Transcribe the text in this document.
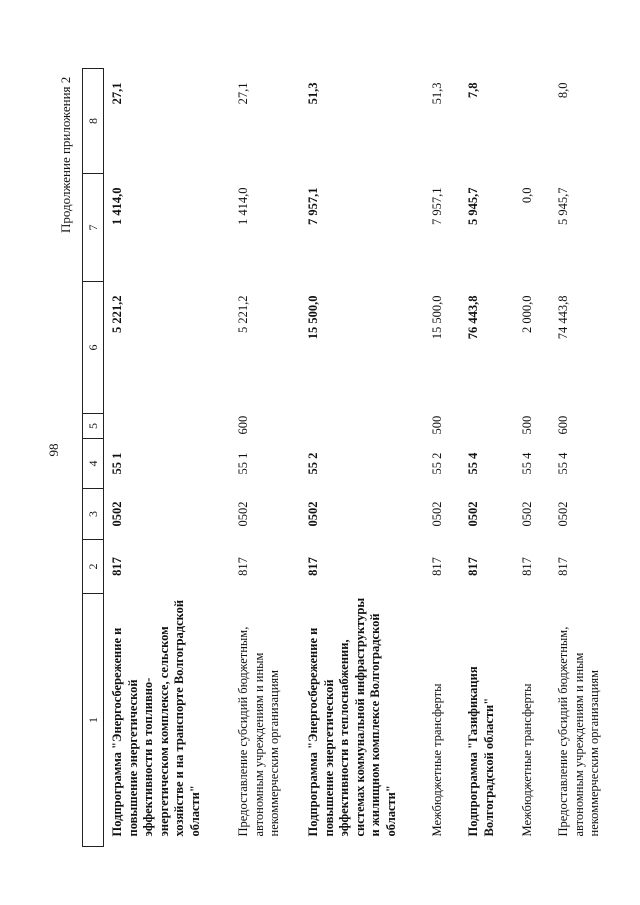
98
Продолжение приложения 2
1	2	3	4	5	6	7	8
Подпрограмма "Энергосбережение и повышение энергетической эффективности в топливно-энергетическом комплексе, сельском хозяйстве и на транспорте Волгоградской области"	817	0502	55 1		5 221,2	1 414,0	27,1
Предоставление субсидий бюджетным, автономным учреждениям и иным некоммерческим организациям	817	0502	55 1	600	5 221,2	1 414,0	27,1
Подпрограмма "Энергосбережение и повышение энергетической эффективности в теплоснабжении, системах коммунальной инфраструктуры и жилищном комплексе Волгоградской области"	817	0502	55 2		15 500,0	7 957,1	51,3
Межбюджетные трансферты	817	0502	55 2	500	15 500,0	7 957,1	51,3
Подпрограмма "Газификация Волгоградской области"	817	0502	55 4		76 443,8	5 945,7	7,8
Межбюджетные трансферты	817	0502	55 4	500	2 000,0	0,0	
Предоставление субсидий бюджетным, автономным учреждениям и иным некоммерческим организациям	817	0502	55 4	600	74 443,8	5 945,7	8,0
